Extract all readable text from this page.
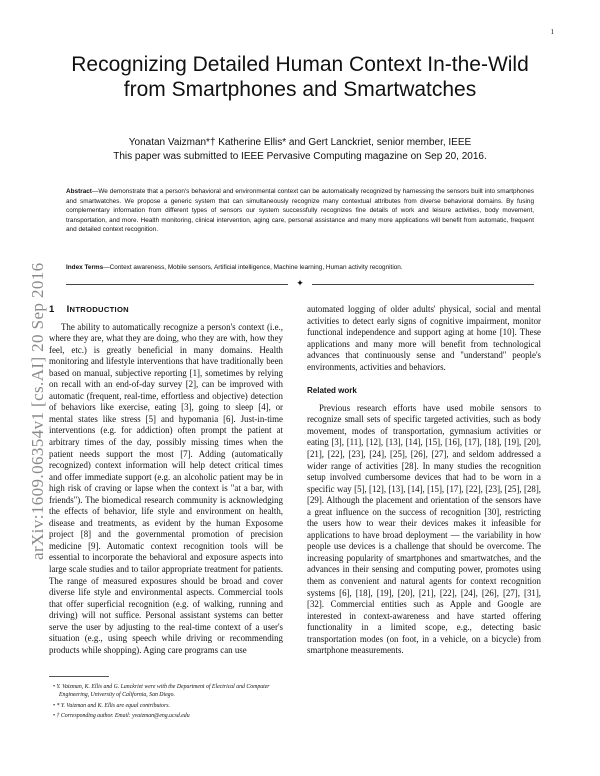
1
arXiv:1609.06354v1 [cs.AI] 20 Sep 2016
Recognizing Detailed Human Context In-the-Wild from Smartphones and Smartwatches
Yonatan Vaizman*† Katherine Ellis* and Gert Lanckriet, senior member, IEEE
This paper was submitted to IEEE Pervasive Computing magazine on Sep 20, 2016.
Abstract—We demonstrate that a person's behavioral and environmental context can be automatically recognized by harnessing the sensors built into smartphones and smartwatches. We propose a generic system that can simultaneously recognize many contextual attributes from diverse behavioral domains. By fusing complementary information from different types of sensors our system successfully recognizes fine details of work and leisure activities, body movement, transportation, and more. Health monitoring, clinical intervention, aging care, personal assistance and many more applications will benefit from automatic, frequent and detailed context recognition.
Index Terms—Context awareness, Mobile sensors, Artificial intelligence, Machine learning, Human activity recognition.
✦
1 INTRODUCTION

The ability to automatically recognize a person's context (i.e., where they are, what they are doing, who they are with, how they feel, etc.) is greatly beneficial in many domains. Health monitoring and lifestyle interventions that have traditionally been based on manual, subjective reporting [1], sometimes by relying on recall with an end-of-day survey [2], can be improved with automatic (frequent, real-time, effortless and objective) detection of behaviors like exercise, eating [3], going to sleep [4], or mental states like stress [5] and hypomania [6]. Just-in-time interventions (e.g. for addiction) often prompt the patient at arbitrary times of the day, possibly missing times when the patient needs support the most [7]. Adding (automatically recognized) context information will help detect critical times and offer immediate support (e.g. an alcoholic patient may be in high risk of craving or lapse when the context is "at a bar, with friends"). The biomedical research community is acknowledging the effects of behavior, life style and environment on health, disease and treatments, as evident by the human Exposome project [8] and the governmental promotion of precision medicine [9]. Automatic context recognition tools will be essential to incorporate the behavioral and exposure aspects into large scale studies and to tailor appropriate treatment for patients. The range of measured exposures should be broad and cover diverse life style and environmental aspects. Commercial tools that offer superficial recognition (e.g. of walking, running and driving) will not suffice. Personal assistant systems can better serve the user by adjusting to the real-time context of a user's situation (e.g., using speech while driving or recommending products while shopping). Aging care programs can use

automated logging of older adults' physical, social and mental activities to detect early signs of cognitive impairment, monitor functional independence and support aging at home [10]. These applications and many more will benefit from technological advances that continuously sense and "understand" people's environments, activities and behaviors.

Related work

Previous research efforts have used mobile sensors to recognize small sets of specific targeted activities, such as body movement, modes of transportation, gymnasium activities or eating [3], [11], [12], [13], [14], [15], [16], [17], [18], [19], [20], [21], [22], [23], [24], [25], [26], [27], and seldom addressed a wider range of activities [28]. In many studies the recognition setup involved cumbersome devices that had to be worn in a specific way [5], [12], [13], [14], [15], [17], [22], [23], [25], [28], [29]. Although the placement and orientation of the sensors have a great influence on the success of recognition [30], restricting the users how to wear their devices makes it infeasible for applications to have broad deployment — the variability in how people use devices is a challenge that should be overcome. The increasing popularity of smartphones and smartwatches, and the advances in their sensing and computing power, promotes using them as convenient and natural agents for context recognition systems [6], [18], [19], [20], [21], [22], [24], [26], [27], [31], [32]. Commercial entities such as Apple and Google are interested in context-awareness and have started offering functionality in a limited scope, e.g., detecting basic transportation modes (on foot, in a vehicle, on a bicycle) from smartphone measurements.

• Y. Vaizman, K. Ellis and G. Lanckriet were with the Department of Electrical and Computer Engineering, University of California, San Diego.
• * Y. Vaizman and K. Ellis are equal contributors.
• † Corresponding author. Email: yvaizman@eng.ucsd.edu
